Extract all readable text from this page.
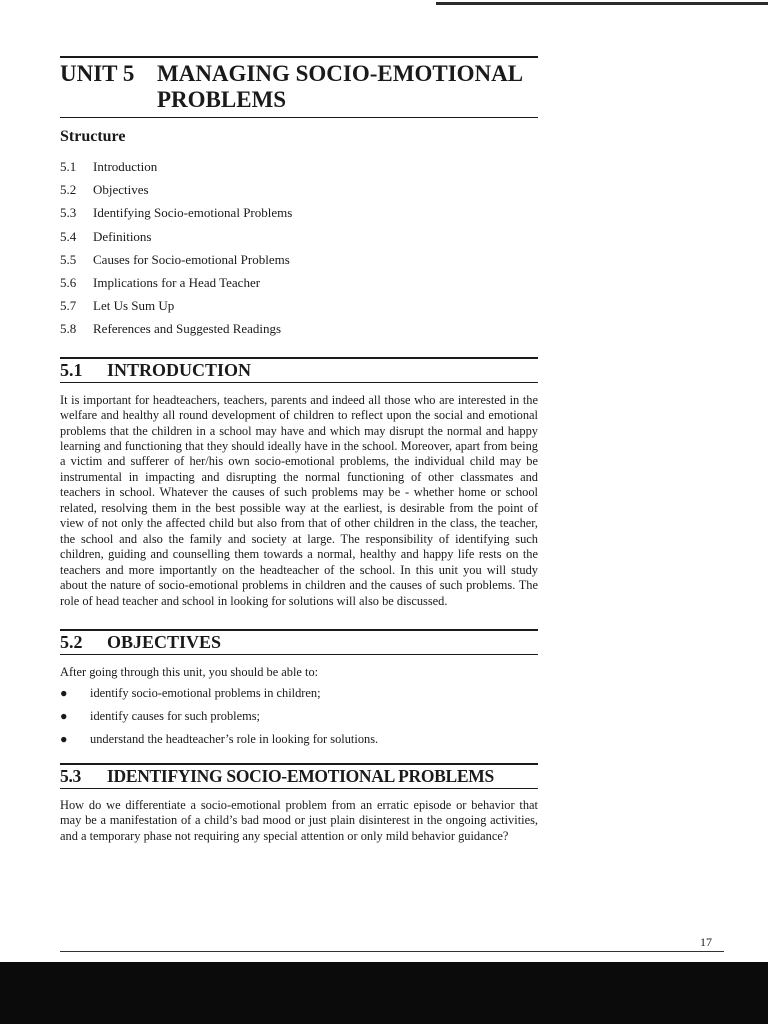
UNIT 5 MANAGING SOCIO-EMOTIONAL
PROBLEMS
Structure
5.1	Introduction
5.2	Objectives
5.3	Identifying Socio-emotional Problems
5.4	Definitions
5.5	Causes for Socio-emotional Problems
5.6	Implications for a Head Teacher
5.7	Let Us Sum Up
5.8	References and Suggested Readings
5.1	INTRODUCTION

It is important for headteachers, teachers, parents and indeed all those who are interested in the welfare and healthy all round development of children to reflect upon the social and emotional problems that the children in a school may have and which may disrupt the normal and happy learning and functioning that they should ideally have in the school. Moreover, apart from being a victim and sufferer of her/his own socio-emotional problems, the individual child may be instrumental in impacting and disrupting the normal functioning of other classmates and teachers in school. Whatever the causes of such problems may be - whether home or school related, resolving them in the best possible way at the earliest, is desirable from the point of view of not only the affected child but also from that of other children in the class, the teacher, the school and also the family and society at large. The responsibility of identifying such children, guiding and counselling them towards a normal, healthy and happy life rests on the teachers and more importantly on the headteacher of the school. In this unit you will study about the nature of socio-emotional problems in children and the causes of such problems. The role of head teacher and school in looking for solutions will also be discussed.

5.2	OBJECTIVES
After going through this unit, you should be able to:
●	identify socio-emotional problems in children;
●	identify causes for such problems;
●	understand the headteacher’s role in looking for solutions.
5.3	IDENTIFYING SOCIO-EMOTIONAL PROBLEMS

How do we differentiate a socio-emotional problem from an erratic episode or behavior that may be a manifestation of a child’s bad mood or just plain disinterest in the ongoing activities, and a temporary phase not requiring any special attention or only mild behavior guidance?

17
